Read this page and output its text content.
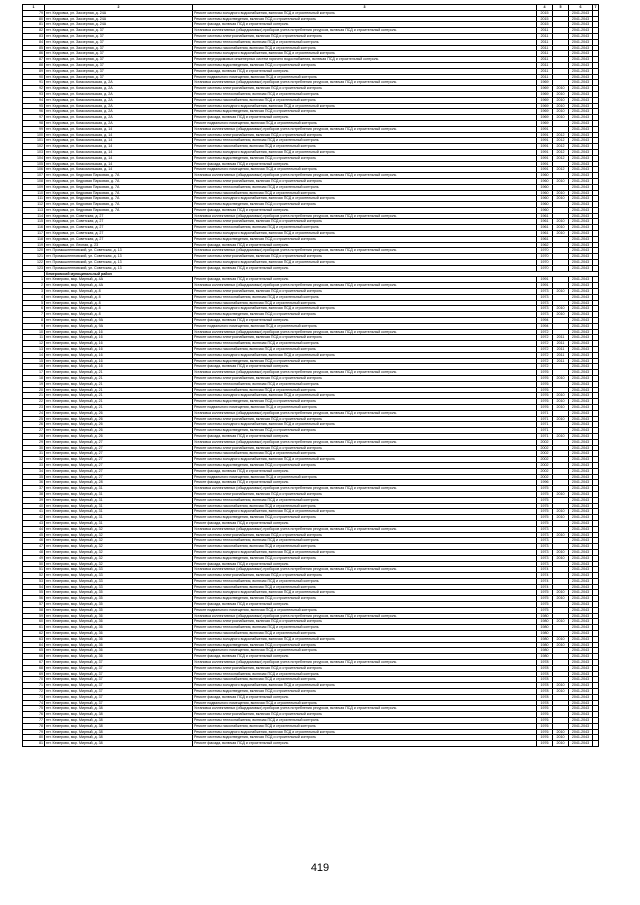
1	2	3	4	5	6	7
79	пгт. Кедровка, ул. Заозерная, д. 24А	Ремонт системы холодного водоснабжения, включая ПСД и строительный контроль	2015		2041-2043	
80	пгт. Кедровка, ул. Заозерная, д. 24А	Ремонт системы водоотведения, включая ПСД и строительный контроль	2015		2041-2043	
81	пгт. Кедровка, ул. Заозерная, д. 24А	Ремонт фасада, включая ПСД и строительный контроль	2015		2041-2043	
82	пгт. Кедровка, ул. Заозерная, д. 37	Установка коллективных (общедомовых) приборов учета потребления ресурсов, включая ПСД и строительный контроль	2011		2041-2043	
83	пгт. Кедровка, ул. Заозерная, д. 37	Ремонт системы электроснабжения, включая ПСД и строительный контроль	2011		2041-2043	
84	пгт. Кедровка, ул. Заозерная, д. 37	Ремонт системы теплоснабжения, включая ПСД и строительный контроль	2011		2041-2043	
85	пгт. Кедровка, ул. Заозерная, д. 37	Ремонт системы газоснабжения, включая ПСД и строительный контроль	2011		2041-2043	
86	пгт. Кедровка, ул. Заозерная, д. 37	Ремонт системы холодного водоснабжения, включая ПСД и строительный контроль	2011		2041-2043	
87	пгт. Кедровка, ул. Заозерная, д. 37	Ремонт внутридомовых инженерных систем горячего водоснабжения, включая ПСД и строительный контроль	2011		2041-2043	
88	пгт. Кедровка, ул. Заозерная, д. 37	Ремонт системы водоотведения, включая ПСД и строительный контроль	2011		2041-2043	
89	пгт. Кедровка, ул. Заозерная, д. 37	Ремонт фасада, включая ПСД и строительный контроль	2011		2041-2043	
90	пгт. Кедровка, ул. Заозерная, д. 37	Ремонт подвального помещения, включая ПСД и строительный контроль	2011		2041-2043	
91	пгт. Кедровка, ул. Комсомольская, д. 2А	Установка коллективных (общедомовых) приборов учета потребления ресурсов, включая ПСД и строительный контроль	1969		2041-2043	
92	пгт. Кедровка, ул. Комсомольская, д. 2А	Ремонт системы электроснабжения, включая ПСД и строительный контроль	1969	2010	2041-2043	
93	пгт. Кедровка, ул. Комсомольская, д. 2А	Ремонт системы теплоснабжения, включая ПСД и строительный контроль	1969	2010	2041-2043	
94	пгт. Кедровка, ул. Комсомольская, д. 2А	Ремонт системы газоснабжения, включая ПСД и строительный контроль	1969	2010	2041-2043	
95	пгт. Кедровка, ул. Комсомольская, д. 2А	Ремонт системы холодного водоснабжения, включая ПСД и строительный контроль	1969	2010	2041-2043	
96	пгт. Кедровка, ул. Комсомольская, д. 2А	Ремонт системы водоотведения, включая ПСД и строительный контроль	1969	2010	2041-2043	
97	пгт. Кедровка, ул. Комсомольская, д. 2А	Ремонт фасада, включая ПСД и строительный контроль	1969	2010	2041-2043	
98	пгт. Кедровка, ул. Комсомольская, д. 2А	Ремонт подвального помещения, включая ПСД и строительный контроль	1969		2041-2043	
99	пгт. Кедровка, ул. Комсомольская, д. 14	Установка коллективных (общедомовых) приборов учета потребления ресурсов, включая ПСД и строительный контроль	1991		2041-2043	
100	пгт. Кедровка, ул. Комсомольская, д. 14	Ремонт системы электроснабжения, включая ПСД и строительный контроль	1991	2012	2041-2043	
101	пгт. Кедровка, ул. Комсомольская, д. 14	Ремонт системы теплоснабжения, включая ПСД и строительный контроль	1991	2012	2041-2043	
102	пгт. Кедровка, ул. Комсомольская, д. 14	Ремонт системы газоснабжения, включая ПСД и строительный контроль	1991	2012	2041-2043	
103	пгт. Кедровка, ул. Комсомольская, д. 14	Ремонт системы холодного водоснабжения, включая ПСД и строительный контроль	1991	2012	2041-2043	
104	пгт. Кедровка, ул. Комсомольская, д. 14	Ремонт системы водоотведения, включая ПСД и строительный контроль	1991	2012	2041-2043	
105	пгт. Кедровка, ул. Комсомольская, д. 14	Ремонт фасада, включая ПСД и строительный контроль	1991		2041-2043	
106	пгт. Кедровка, ул. Комсомольская, д. 14	Ремонт подвального помещения, включая ПСД и строительный контроль	1991	2012	2041-2043	
107	пгт. Кедровка, ул. Кедровая Парковая, д. 7А	Установка коллективных (общедомовых) приборов учета потребления ресурсов, включая ПСД и строительный контроль	1960		2041-2043	
108	пгт. Кедровка, ул. Кедровая Парковая, д. 7А	Ремонт системы электроснабжения, включая ПСД и строительный контроль	1960	2010	2041-2043	
109	пгт. Кедровка, ул. Кедровая Парковая, д. 7А	Ремонт системы теплоснабжения, включая ПСД и строительный контроль	1960		2041-2043	
110	пгт. Кедровка, ул. Кедровая Парковая, д. 7А	Ремонт системы газоснабжения, включая ПСД и строительный контроль	1960	2010	2041-2043	
111	пгт. Кедровка, ул. Кедровая Парковая, д. 7А	Ремонт системы холодного водоснабжения, включая ПСД и строительный контроль	1960	2010	2041-2043	
112	пгт. Кедровка, ул. Кедровая Парковая, д. 7А	Ремонт системы водоотведения, включая ПСД и строительный контроль	1960		2041-2043	
113	пгт. Кедровка, ул. Кедровая Парковая, д. 7А	Ремонт фасада, включая ПСД и строительный контроль	1960		2041-2043	
114	пгт. Кедровка, ул. Советская, д. 27	Установка коллективных (общедомовых) приборов учета потребления ресурсов, включая ПСД и строительный контроль	1961		2041-2043	
115	пгт. Кедровка, ул. Советская, д. 27	Ремонт системы электроснабжения, включая ПСД и строительный контроль	1961	2010	2041-2043	
116	пгт. Кедровка, ул. Советская, д. 27	Ремонт системы теплоснабжения, включая ПСД и строительный контроль	1961	2010	2041-2043	
117	пгт. Кедровка, ул. Советская, д. 27	Ремонт системы холодного водоснабжения, включая ПСД и строительный контроль	1961	2010	2041-2043	
118	пгт. Кедровка, ул. Советская, д. 27	Ремонт системы водоотведения, включая ПСД и строительный контроль	1961		2041-2043	
119	пгт. Кедровка, ул. Лесная, д. 23	Ремонт фасада, включая ПСД и строительный контроль	1962		2041-2043	
120	пгт. Промышленновский, ул. Советская, д. 13	Установка коллективных (общедомовых) приборов учета потребления ресурсов, включая ПСД и строительный контроль	1970		2041-2043	
121	пгт. Промышленновский, ул. Советская, д. 13	Ремонт системы электроснабжения, включая ПСД и строительный контроль	1970		2041-2043	
122	пгт. Промышленновский, ул. Советская, д. 13	Ремонт системы холодного водоснабжения, включая ПСД и строительный контроль	1970		2041-2043	
123	пгт. Промышленновский, ул. Советская, д. 13	Ремонт фасада, включая ПСД и строительный контроль	1970		2041-2043	
	Кемеровский муниципальный район					
1	пгт. Кемерово, мкр. Мирный, д. 4А	Ремонт фасада, включая ПСД и строительный контроль	1991		2041-2043	
2	пгт. Кемерово, мкр. Мирный, д. 4А	Установка коллективных (общедомовых) приборов учета потребления ресурсов, включая ПСД и строительный контроль	1991		2041-2043	
3	пгт. Кемерово, мкр. Мирный, д. 8	Ремонт системы электроснабжения, включая ПСД и строительный контроль	1973	2010	2041-2043	
4	пгт. Кемерово, мкр. Мирный, д. 8	Ремонт системы теплоснабжения, включая ПСД и строительный контроль	1973		2041-2043	
5	пгт. Кемерово, мкр. Мирный, д. 8	Ремонт системы газоснабжения, включая ПСД и строительный контроль	1973		2041-2043	
6	пгт. Кемерово, мкр. Мирный, д. 8	Ремонт системы холодного водоснабжения, включая ПСД и строительный контроль	1973	2010	2041-2043	
7	пгт. Кемерово, мкр. Мирный, д. 8	Ремонт системы водоотведения, включая ПСД и строительный контроль	1973	2010	2041-2043	
8	пгт. Кемерово, мкр. Мирный, д. 9А	Ремонт фасада, включая ПСД и строительный контроль	1994		2041-2043	
9	пгт. Кемерово, мкр. Мирный, д. 9А	Ремонт подвального помещения, включая ПСД и строительный контроль	1994		2041-2043	
10	пгт. Кемерово, мкр. Мирный, д. 16	Установка коллективных (общедомовых) приборов учета потребления ресурсов, включая ПСД и строительный контроль	1972		2041-2043	
11	пгт. Кемерово, мкр. Мирный, д. 16	Ремонт системы электроснабжения, включая ПСД и строительный контроль	1972	2011	2041-2043	
12	пгт. Кемерово, мкр. Мирный, д. 16	Ремонт системы теплоснабжения, включая ПСД и строительный контроль	1972	2011	2041-2043	
13	пгт. Кемерово, мкр. Мирный, д. 16	Ремонт системы газоснабжения, включая ПСД и строительный контроль	1972	2011	2041-2043	
14	пгт. Кемерово, мкр. Мирный, д. 16	Ремонт системы холодного водоснабжения, включая ПСД и строительный контроль	1972	2011	2041-2043	
15	пгт. Кемерово, мкр. Мирный, д. 16	Ремонт системы водоотведения, включая ПСД и строительный контроль	1972	2011	2041-2043	
16	пгт. Кемерово, мкр. Мирный, д. 16	Ремонт фасада, включая ПСД и строительный контроль	1972		2041-2043	
17	пгт. Кемерово, мкр. Мирный, д. 21	Установка коллективных (общедомовых) приборов учета потребления ресурсов, включая ПСД и строительный контроль	1976		2041-2043	
18	пгт. Кемерово, мкр. Мирный, д. 21	Ремонт системы электроснабжения, включая ПСД и строительный контроль	1976	2010	2041-2043	
19	пгт. Кемерово, мкр. Мирный, д. 21	Ремонт системы теплоснабжения, включая ПСД и строительный контроль	1976		2041-2043	
20	пгт. Кемерово, мкр. Мирный, д. 21	Ремонт системы газоснабжения, включая ПСД и строительный контроль	1976		2041-2043	
21	пгт. Кемерово, мкр. Мирный, д. 21	Ремонт системы холодного водоснабжения, включая ПСД и строительный контроль	1976	2010	2041-2043	
22	пгт. Кемерово, мкр. Мирный, д. 21	Ремонт системы водоотведения, включая ПСД и строительный контроль	1976	2010	2041-2043	
23	пгт. Кемерово, мкр. Мирный, д. 21	Ремонт подвального помещения, включая ПСД и строительный контроль	1976	2010	2041-2043	
24	пгт. Кемерово, мкр. Мирный, д. 26	Установка коллективных (общедомовых) приборов учета потребления ресурсов, включая ПСД и строительный контроль	1971		2041-2043	
25	пгт. Кемерово, мкр. Мирный, д. 26	Ремонт системы электроснабжения, включая ПСД и строительный контроль	1971	2010	2041-2043	
26	пгт. Кемерово, мкр. Мирный, д. 26	Ремонт системы холодного водоснабжения, включая ПСД и строительный контроль	1971		2041-2043	
27	пгт. Кемерово, мкр. Мирный, д. 26	Ремонт системы водоотведения, включая ПСД и строительный контроль	1971		2041-2043	
28	пгт. Кемерово, мкр. Мирный, д. 26	Ремонт фасада, включая ПСД и строительный контроль	1971	2010	2041-2043	
29	пгт. Кемерово, мкр. Мирный, д. 27	Установка коллективных (общедомовых) приборов учета потребления ресурсов, включая ПСД и строительный контроль	2002		2041-2043	
30	пгт. Кемерово, мкр. Мирный, д. 27	Ремонт системы электроснабжения, включая ПСД и строительный контроль	2002		2041-2043	
31	пгт. Кемерово, мкр. Мирный, д. 27	Ремонт системы газоснабжения, включая ПСД и строительный контроль	2002		2041-2043	
32	пгт. Кемерово, мкр. Мирный, д. 27	Ремонт системы холодного водоснабжения, включая ПСД и строительный контроль	2002		2041-2043	
33	пгт. Кемерово, мкр. Мирный, д. 27	Ремонт системы водоотведения, включая ПСД и строительный контроль	2002		2041-2043	
34	пгт. Кемерово, мкр. Мирный, д. 27	Ремонт фасада, включая ПСД и строительный контроль	2002		2041-2043	
35	пгт. Кемерово, мкр. Мирный, д. 27	Ремонт подвального помещения, включая ПСД и строительный контроль	2002		2041-2043	
36	пгт. Кемерово, мкр. Мирный, д. 28	Ремонт фасада, включая ПСД и строительный контроль	1996		2041-2043	
37	пгт. Кемерово, мкр. Мирный, д. 31	Установка коллективных (общедомовых) приборов учета потребления ресурсов, включая ПСД и строительный контроль	1975		2041-2043	
38	пгт. Кемерово, мкр. Мирный, д. 31	Ремонт системы электроснабжения, включая ПСД и строительный контроль	1975	2010	2041-2043	
39	пгт. Кемерово, мкр. Мирный, д. 31	Ремонт системы теплоснабжения, включая ПСД и строительный контроль	1975		2041-2043	
40	пгт. Кемерово, мкр. Мирный, д. 31	Ремонт системы газоснабжения, включая ПСД и строительный контроль	1975		2041-2043	
41	пгт. Кемерово, мкр. Мирный, д. 31	Ремонт системы холодного водоснабжения, включая ПСД и строительный контроль	1975	2010	2041-2043	
42	пгт. Кемерово, мкр. Мирный, д. 31	Ремонт системы водоотведения, включая ПСД и строительный контроль	1975	2010	2041-2043	
43	пгт. Кемерово, мкр. Мирный, д. 31	Ремонт фасада, включая ПСД и строительный контроль	1975		2041-2043	
44	пгт. Кемерово, мкр. Мирный, д. 32	Установка коллективных (общедомовых) приборов учета потребления ресурсов, включая ПСД и строительный контроль	1973		2041-2043	
45	пгт. Кемерово, мкр. Мирный, д. 32	Ремонт системы электроснабжения, включая ПСД и строительный контроль	1973	2010	2041-2043	
46	пгт. Кемерово, мкр. Мирный, д. 32	Ремонт системы теплоснабжения, включая ПСД и строительный контроль	1973		2041-2043	
47	пгт. Кемерово, мкр. Мирный, д. 32	Ремонт системы газоснабжения, включая ПСД и строительный контроль	1973		2041-2043	
48	пгт. Кемерово, мкр. Мирный, д. 32	Ремонт системы холодного водоснабжения, включая ПСД и строительный контроль	1973	2010	2041-2043	
49	пгт. Кемерово, мкр. Мирный, д. 32	Ремонт системы водоотведения, включая ПСД и строительный контроль	1973	2010	2041-2043	
50	пгт. Кемерово, мкр. Мирный, д. 32	Ремонт фасада, включая ПСД и строительный контроль	1973		2041-2043	
51	пгт. Кемерово, мкр. Мирный, д. 33	Установка коллективных (общедомовых) приборов учета потребления ресурсов, включая ПСД и строительный контроль	1974		2041-2043	
52	пгт. Кемерово, мкр. Мирный, д. 33	Ремонт системы электроснабжения, включая ПСД и строительный контроль	1974		2041-2043	
53	пгт. Кемерово, мкр. Мирный, д. 33	Ремонт системы теплоснабжения, включая ПСД и строительный контроль	1974		2041-2043	
54	пгт. Кемерово, мкр. Мирный, д. 33	Ремонт системы газоснабжения, включая ПСД и строительный контроль	1974		2041-2043	
55	пгт. Кемерово, мкр. Мирный, д. 35	Ремонт системы холодного водоснабжения, включая ПСД и строительный контроль	1975	2010	2041-2043	
56	пгт. Кемерово, мкр. Мирный, д. 35	Ремонт системы водоотведения, включая ПСД и строительный контроль	1975	2010	2041-2043	
57	пгт. Кемерово, мкр. Мирный, д. 35	Ремонт фасада, включая ПСД и строительный контроль	1975		2041-2043	
58	пгт. Кемерово, мкр. Мирный, д. 35	Ремонт подвального помещения, включая ПСД и строительный контроль	1975		2041-2043	
59	пгт. Кемерово, мкр. Мирный, д. 36	Установка коллективных (общедомовых) приборов учета потребления ресурсов, включая ПСД и строительный контроль	1980		2041-2043	
60	пгт. Кемерово, мкр. Мирный, д. 36	Ремонт системы электроснабжения, включая ПСД и строительный контроль	1980	2010	2041-2043	
61	пгт. Кемерово, мкр. Мирный, д. 36	Ремонт системы теплоснабжения, включая ПСД и строительный контроль	1980		2041-2043	
62	пгт. Кемерово, мкр. Мирный, д. 36	Ремонт системы газоснабжения, включая ПСД и строительный контроль	1980		2041-2043	
63	пгт. Кемерово, мкр. Мирный, д. 36	Ремонт системы холодного водоснабжения, включая ПСД и строительный контроль	1980	2010	2041-2043	
64	пгт. Кемерово, мкр. Мирный, д. 36	Ремонт системы водоотведения, включая ПСД и строительный контроль	1980	2010	2041-2043	
65	пгт. Кемерово, мкр. Мирный, д. 36	Ремонт подвального помещения, включая ПСД и строительный контроль	1980		2041-2043	
66	пгт. Кемерово, мкр. Мирный, д. 36	Ремонт фасада, включая ПСД и строительный контроль	1980		2041-2043	
67	пгт. Кемерово, мкр. Мирный, д. 37	Установка коллективных (общедомовых) приборов учета потребления ресурсов, включая ПСД и строительный контроль	1978		2041-2043	
68	пгт. Кемерово, мкр. Мирный, д. 37	Ремонт системы электроснабжения, включая ПСД и строительный контроль	1978		2041-2043	
69	пгт. Кемерово, мкр. Мирный, д. 37	Ремонт системы теплоснабжения, включая ПСД и строительный контроль	1978		2041-2043	
70	пгт. Кемерово, мкр. Мирный, д. 37	Ремонт системы газоснабжения, включая ПСД и строительный контроль	1978		2041-2043	
71	пгт. Кемерово, мкр. Мирный, д. 37	Ремонт системы холодного водоснабжения, включая ПСД и строительный контроль	1978	2010	2041-2043	
72	пгт. Кемерово, мкр. Мирный, д. 37	Ремонт системы водоотведения, включая ПСД и строительный контроль	1978	2010	2041-2043	
73	пгт. Кемерово, мкр. Мирный, д. 37	Ремонт фасада, включая ПСД и строительный контроль	1978		2041-2043	
74	пгт. Кемерово, мкр. Мирный, д. 37	Ремонт подвального помещения, включая ПСД и строительный контроль	1978		2041-2043	
75	пгт. Кемерово, мкр. Мирный, д. 38	Установка коллективных (общедомовых) приборов учета потребления ресурсов, включая ПСД и строительный контроль	1976		2041-2043	
76	пгт. Кемерово, мкр. Мирный, д. 38	Ремонт системы электроснабжения, включая ПСД и строительный контроль	1976		2041-2043	
77	пгт. Кемерово, мкр. Мирный, д. 38	Ремонт системы теплоснабжения, включая ПСД и строительный контроль	1976		2041-2043	
78	пгт. Кемерово, мкр. Мирный, д. 38	Ремонт системы газоснабжения, включая ПСД и строительный контроль	1976		2041-2043	
79	пгт. Кемерово, мкр. Мирный, д. 38	Ремонт системы холодного водоснабжения, включая ПСД и строительный контроль	1976	2010	2041-2043	
80	пгт. Кемерово, мкр. Мирный, д. 38	Ремонт системы водоотведения, включая ПСД и строительный контроль	1976	2010	2041-2043	
81	пгт. Кемерово, мкр. Мирный, д. 38	Ремонт фасада, включая ПСД и строительный контроль	1976	2010	2041-2043	
419
